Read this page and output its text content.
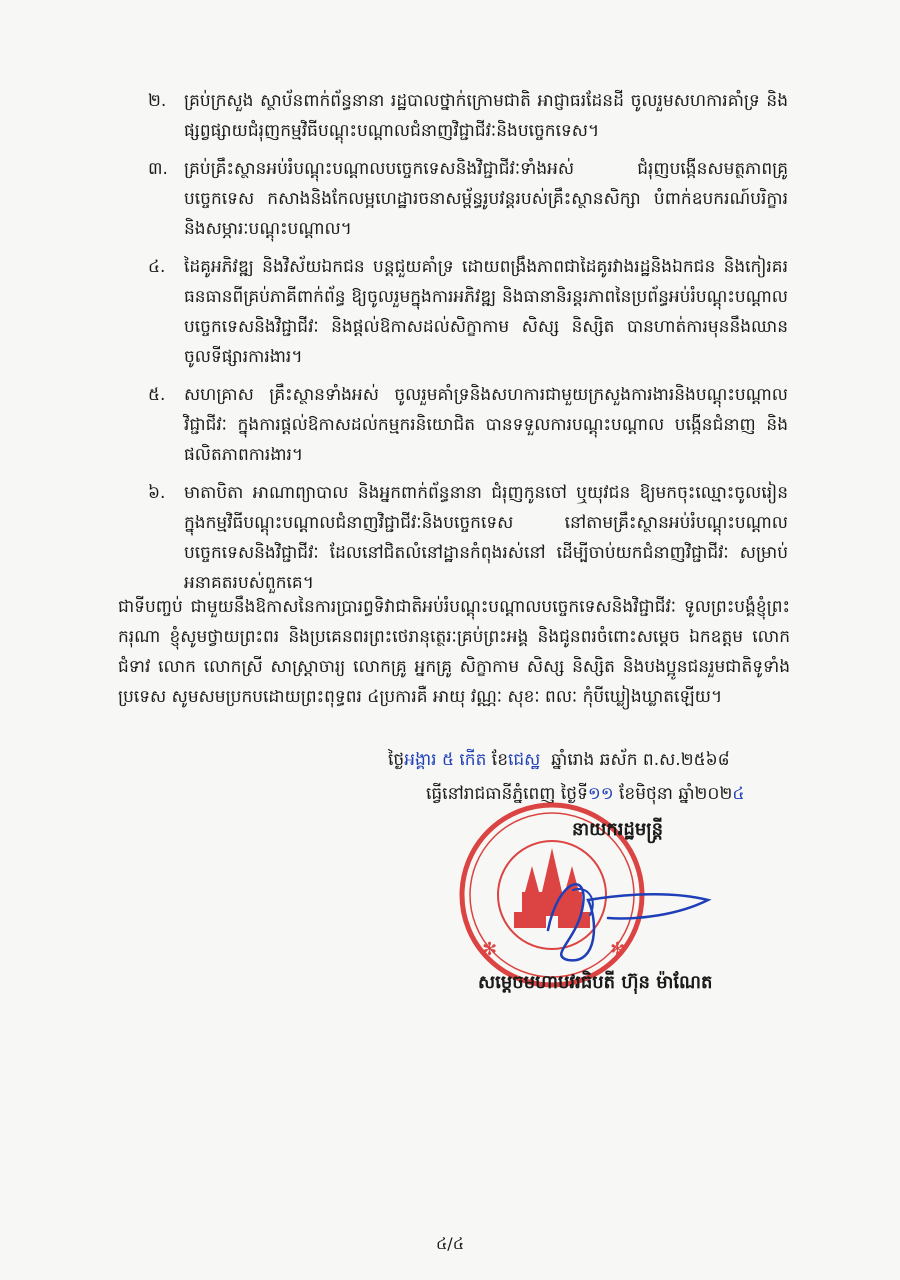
២. គ្រប់ក្រសួង ស្ថាប័នពាក់ព័ន្ធនានា រដ្ឋបាលថ្នាក់ក្រោមជាតិ អាជ្ញាធរដែនដី ចូលរួមសហការគាំទ្រ និងផ្សព្វផ្សាយជំរុញកម្មវិធីបណ្តុះបណ្តាលជំនាញវិជ្ជាជីវៈនិងបច្ចេកទេស។
៣. គ្រប់គ្រឹះស្ថានអប់រំបណ្តុះបណ្តាលបច្ចេកទេសនិងវិជ្ជាជីវៈទាំងអស់ ជំរុញបង្កើនសមត្ថភាពគ្រូបច្ចេកទេស កសាងនិងកែលម្អហេដ្ឋារចនាសម្ព័ន្ធរូបវន្តរបស់គ្រឹះស្ថានសិក្សា បំពាក់ឧបករណ៍បរិក្ខារ និងសម្ភារៈបណ្តុះបណ្តាល។
៤. ដៃគូអភិវឌ្ឍ និងវិស័យឯកជន បន្តជួយគាំទ្រ ដោយពង្រឹងភាពជាដៃគូរវាងរដ្ឋនិងឯកជន និងកៀរគរធនធានពីគ្រប់ភាគីពាក់ព័ន្ធ ឱ្យចូលរួមក្នុងការអភិវឌ្ឍ និងធានានិរន្តរភាពនៃប្រព័ន្ធអប់រំបណ្តុះបណ្តាលបច្ចេកទេសនិងវិជ្ជាជីវៈ និងផ្តល់ឱកាសដល់សិក្ខាកាម សិស្ស និស្សិត បានហាត់ការមុននឹងឈានចូលទីផ្សារការងារ។
៥. សហគ្រាស គ្រឹះស្ថានទាំងអស់ ចូលរួមគាំទ្រនិងសហការជាមួយក្រសួងការងារនិងបណ្តុះបណ្តាលវិជ្ជាជីវៈ ក្នុងការផ្តល់ឱកាសដល់កម្មករនិយោជិត បានទទួលការបណ្តុះបណ្តាល បង្កើនជំនាញ និងផលិតភាពការងារ។
៦. មាតាបិតា អាណាព្យាបាល និងអ្នកពាក់ព័ន្ធនានា ជំរុញកូនចៅ ឬយុវជន ឱ្យមកចុះឈ្មោះចូលរៀនក្នុងកម្មវិធីបណ្តុះបណ្តាលជំនាញវិជ្ជាជីវៈនិងបច្ចេកទេស នៅតាមគ្រឹះស្ថានអប់រំបណ្តុះបណ្តាលបច្ចេកទេសនិងវិជ្ជាជីវៈ ដែលនៅជិតលំនៅដ្ឋានកំពុងរស់នៅ ដើម្បីចាប់យកជំនាញវិជ្ជាជីវៈ សម្រាប់អនាគតរបស់ពួកគេ។

ជាទីបញ្ចប់ ជាមួយនឹងឱកាសនៃការប្រារព្ធទិវាជាតិអប់រំបណ្តុះបណ្តាលបច្ចេកទេសនិងវិជ្ជាជីវៈ ទូលព្រះបង្គំខ្ញុំព្រះករុណា ខ្ញុំសូមថ្វាយព្រះពរ និងប្រគេនពរព្រះថេរានុត្ថេរៈគ្រប់ព្រះអង្គ និងជូនពរចំពោះសម្តេច ឯកឧត្តម លោកជំទាវ លោក លោកស្រី សាស្ត្រាចារ្យ លោកគ្រូ អ្នកគ្រូ សិក្ខាកាម សិស្ស និស្សិត និងបងប្អូនជនរួមជាតិទូទាំងប្រទេស សូមសមប្រកបដោយព្រះពុទ្ធពរ ៤ប្រការគឺ អាយុ វណ្ណៈ សុខៈ ពលៈ កុំបីឃ្លៀងឃ្លាតឡើយ។

ថ្ងៃអង្គារ ៥ កើត ខែជេស្ឋ ឆ្នាំរោង ឆស័ក ព.ស.២៥៦៨
ធ្វើនៅរាជធានីភ្នំពេញ ថ្ងៃទី១១ ខែមិថុនា ឆ្នាំ២០២៤
✻	✻
នាយករដ្ឋមន្ត្រី
សម្តេចមហាបវរធិបតី ហ៊ុន ម៉ាណែត
៤/៤
